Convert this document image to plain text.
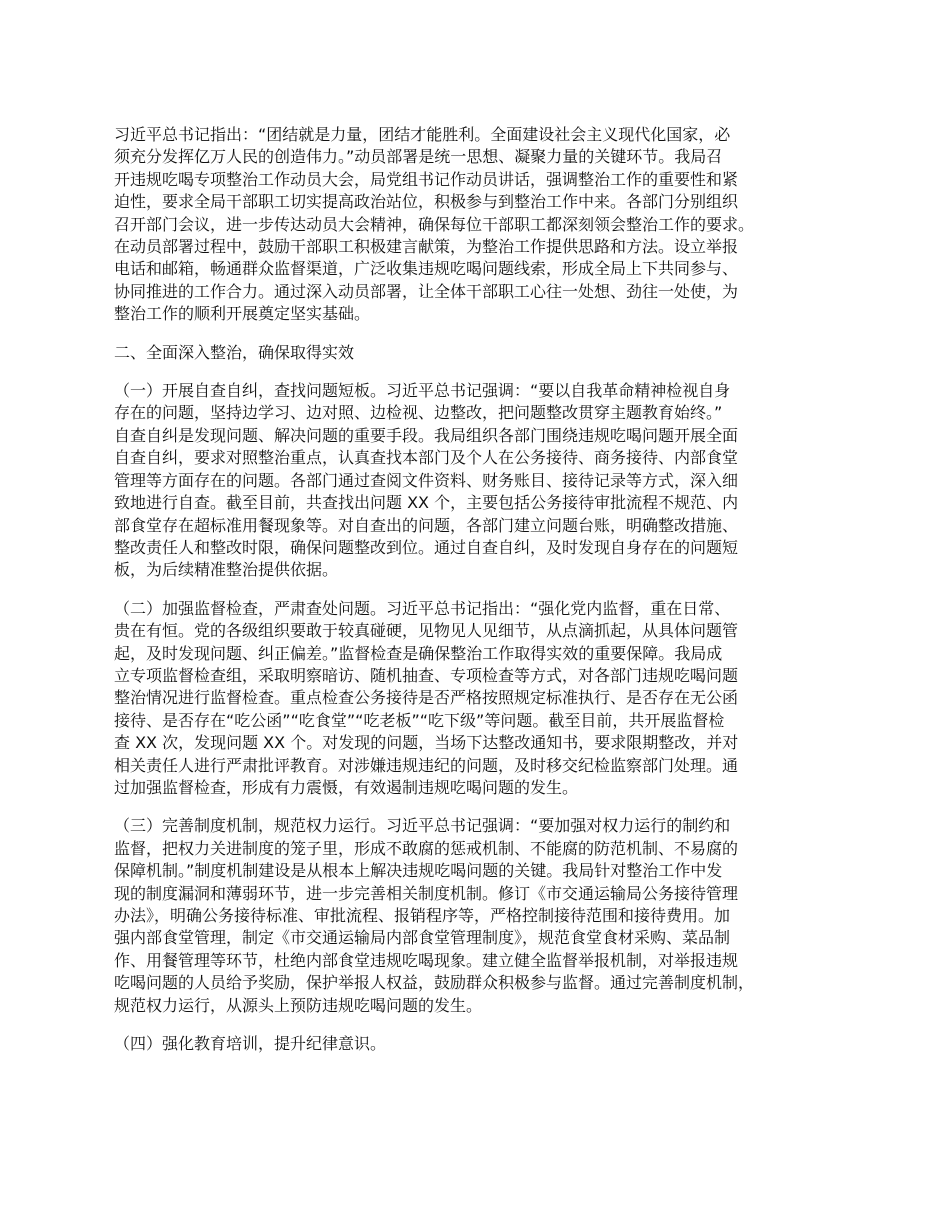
习近平总书记指出：“团结就是力量，团结才能胜利。全面建设社会主义现代化国家，必
须充分发挥亿万人民的创造伟力。”动员部署是统一思想、凝聚力量的关键环节。我局召
开违规吃喝专项整治工作动员大会，局党组书记作动员讲话，强调整治工作的重要性和紧
迫性，要求全局干部职工切实提高政治站位，积极参与到整治工作中来。各部门分别组织
召开部门会议，进一步传达动员大会精神，确保每位干部职工都深刻领会整治工作的要求。
在动员部署过程中，鼓励干部职工积极建言献策，为整治工作提供思路和方法。设立举报
电话和邮箱，畅通群众监督渠道，广泛收集违规吃喝问题线索，形成全局上下共同参与、
协同推进的工作合力。通过深入动员部署，让全体干部职工心往一处想、劲往一处使，为
整治工作的顺利开展奠定坚实基础。
二、全面深入整治，确保取得实效
（一）开展自查自纠，查找问题短板。习近平总书记强调：“要以自我革命精神检视自身
存在的问题，坚持边学习、边对照、边检视、边整改，把问题整改贯穿主题教育始终。”
自查自纠是发现问题、解决问题的重要手段。我局组织各部门围绕违规吃喝问题开展全面
自查自纠，要求对照整治重点，认真查找本部门及个人在公务接待、商务接待、内部食堂
管理等方面存在的问题。各部门通过查阅文件资料、财务账目、接待记录等方式，深入细
致地进行自查。截至目前，共查找出问题 XX 个，主要包括公务接待审批流程不规范、内
部食堂存在超标准用餐现象等。对自查出的问题，各部门建立问题台账，明确整改措施、
整改责任人和整改时限，确保问题整改到位。通过自查自纠，及时发现自身存在的问题短
板，为后续精准整治提供依据。
（二）加强监督检查，严肃查处问题。习近平总书记指出：“强化党内监督，重在日常、
贵在有恒。党的各级组织要敢于较真碰硬，见物见人见细节，从点滴抓起，从具体问题管
起，及时发现问题、纠正偏差。”监督检查是确保整治工作取得实效的重要保障。我局成
立专项监督检查组，采取明察暗访、随机抽查、专项检查等方式，对各部门违规吃喝问题
整治情况进行监督检查。重点检查公务接待是否严格按照规定标准执行、是否存在无公函
接待、是否存在“吃公函”“吃食堂”“吃老板”“吃下级”等问题。截至目前，共开展监督检
查 XX 次，发现问题 XX 个。对发现的问题，当场下达整改通知书，要求限期整改，并对
相关责任人进行严肃批评教育。对涉嫌违规违纪的问题，及时移交纪检监察部门处理。通
过加强监督检查，形成有力震慑，有效遏制违规吃喝问题的发生。
（三）完善制度机制，规范权力运行。习近平总书记强调：“要加强对权力运行的制约和
监督，把权力关进制度的笼子里，形成不敢腐的惩戒机制、不能腐的防范机制、不易腐的
保障机制。”制度机制建设是从根本上解决违规吃喝问题的关键。我局针对整治工作中发
现的制度漏洞和薄弱环节，进一步完善相关制度机制。修订《市交通运输局公务接待管理
办法》，明确公务接待标准、审批流程、报销程序等，严格控制接待范围和接待费用。加
强内部食堂管理，制定《市交通运输局内部食堂管理制度》，规范食堂食材采购、菜品制
作、用餐管理等环节，杜绝内部食堂违规吃喝现象。建立健全监督举报机制，对举报违规
吃喝问题的人员给予奖励，保护举报人权益，鼓励群众积极参与监督。通过完善制度机制，
规范权力运行，从源头上预防违规吃喝问题的发生。
（四）强化教育培训，提升纪律意识。
